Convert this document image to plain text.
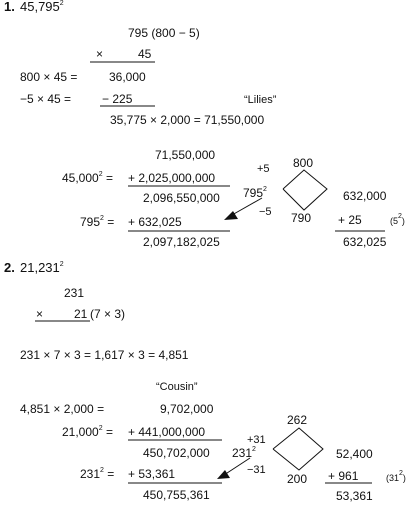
1. 45,795$^2$
795 (800 − 5)
×	45
800 × 45 =	36,000
−5 × 45 =	− 225	“Lilies”
35,775 × 2,000 = 71,550,000
71,550,000
$45,000^2$ = + 2,025,000,000
2,096,550,000
$795^2$ = + 632,025
2,097,182,025
+5
$795^2$
−5
800
790
632,000
+ 25	$(5^2)$
632,025
2. 21,231$^2$
231
×	21 (7 × 3)
231 × 7 × 3 = 1,617 × 3 = 4,851
“Cousin”
4,851 × 2,000 =	9,702,000
$21,000^2$ = + 441,000,000
450,702,000
$231^2$ = + 53,361
450,755,361
+31
$231^2$
−31
262
200
52,400
+ 961	$(31^2)$
53,361
